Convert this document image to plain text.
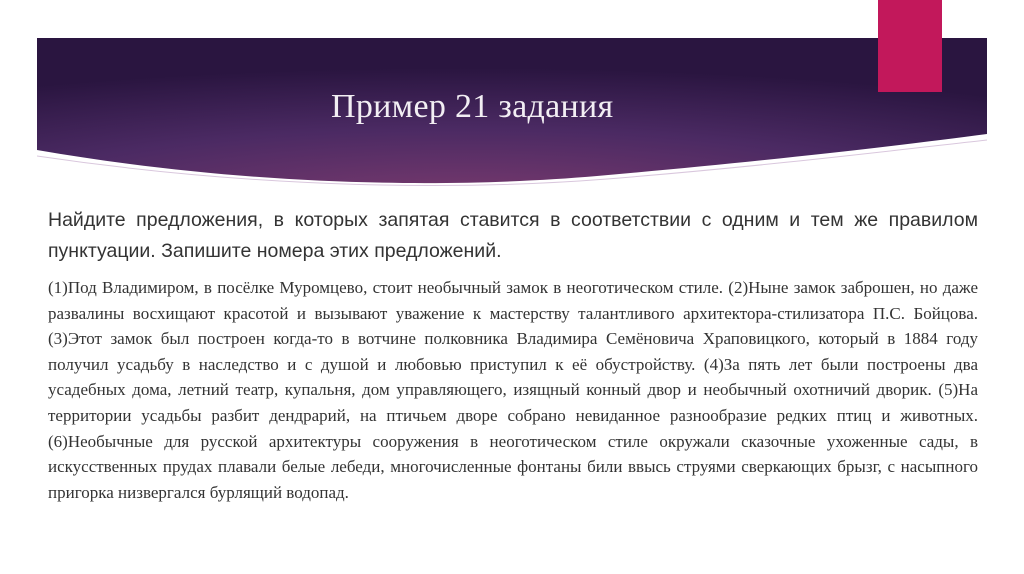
Пример 21 задания
Найдите предложения, в которых запятая ставится в соответствии с одним и тем же правилом пунктуации. Запишите номера этих предложений.
(1)Под Владимиром, в посёлке Муромцево, стоит необычный замок в неоготическом стиле. (2)Ныне замок заброшен, но даже развалины восхищают красотой и вызывают уважение к мастерству талантливого архитектора-стилизатора П.С. Бойцова. (3)Этот замок был построен когда-то в вотчине полковника Владимира Семёновича Храповицкого, который в 1884 году получил усадьбу в наследство и с душой и любовью приступил к её обустройству. (4)За пять лет были построены два усадебных дома, летний театр, купальня, дом управляющего, изящный конный двор и необычный охотничий дворик. (5)На территории усадьбы разбит дендрарий, на птичьем дворе собрано невиданное разнообразие редких птиц и животных. (6)Необычные для русской архитектуры сооружения в неоготическом стиле окружали сказочные ухоженные сады, в искусственных прудах плавали белые лебеди, многочисленные фонтаны били ввысь струями сверкающих брызг, с насыпного пригорка низвергался бурлящий водопад.
